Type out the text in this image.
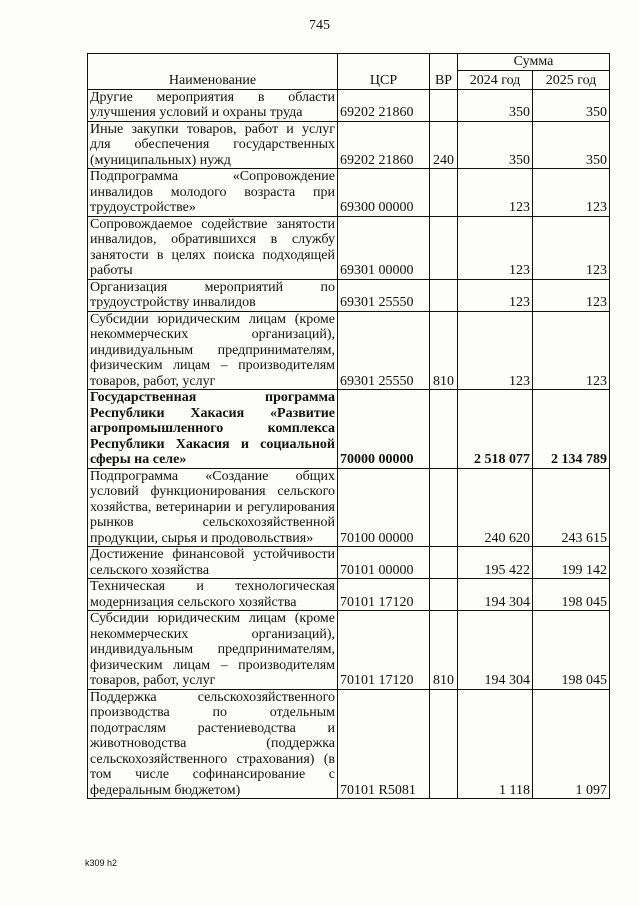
745
Наименование	ЦСР	ВР	Сумма	
			2024 год	2025 год
Другие мероприятия в области улучшения условий и охраны труда	69202 21860		350	350
Иные закупки товаров, работ и услуг для обеспечения государственных (муниципальных) нужд	69202 21860	240	350	350
Подпрограмма «Сопровождение инвалидов молодого возраста при трудоустройстве»	69300 00000		123	123
Сопровождаемое содействие занятости инвалидов, обратившихся в службу занятости в целях поиска подходящей работы	69301 00000		123	123
Организация мероприятий по трудоустройству инвалидов	69301 25550		123	123
Субсидии юридическим лицам (кроме некоммерческих организаций), индивидуальным предпринимателям, физическим лицам – производителям товаров, работ, услуг	69301 25550	810	123	123
Государственная программа Республики Хакасия «Развитие агропромышленного комплекса Республики Хакасия и социальной сферы на селе»	70000 00000		2 518 077	2 134 789
Подпрограмма «Создание общих условий функционирования сельского хозяйства, ветеринарии и регулирования рынков сельскохозяйственной продукции, сырья и продовольствия»	70100 00000		240 620	243 615
Достижение финансовой устойчивости сельского хозяйства	70101 00000		195 422	199 142
Техническая и технологическая модернизация сельского хозяйства	70101 17120		194 304	198 045
Субсидии юридическим лицам (кроме некоммерческих организаций), индивидуальным предпринимателям, физическим лицам – производителям товаров, работ, услуг	70101 17120	810	194 304	198 045
Поддержка сельскохозяйственного производства по отдельным подотраслям растениеводства и животноводства (поддержка сельскохозяйственного страхования) (в том числе софинансирование с федеральным бюджетом)	70101 R5081		1 118	1 097
k309 h2
